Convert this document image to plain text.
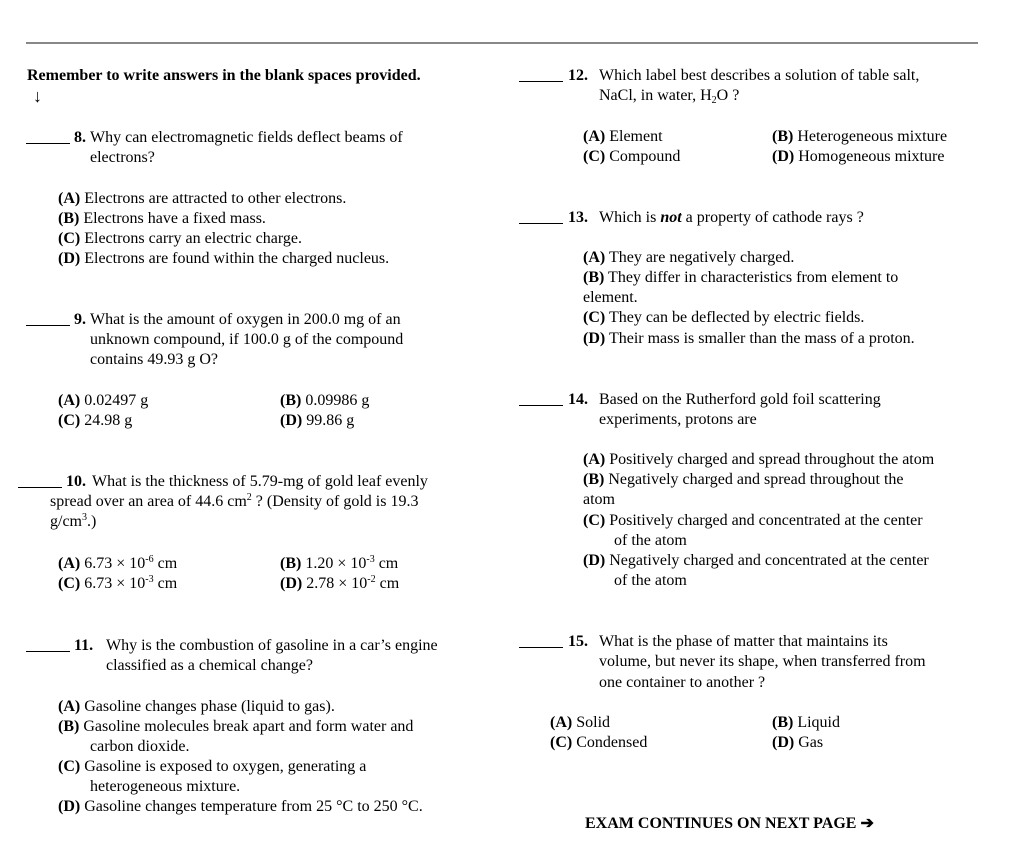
Remember to write answers in the blank spaces provided.
↓
8. Why can electromagnetic fields deflect beams of
electrons?
(A) Electrons are attracted to other electrons.
(B) Electrons have a fixed mass.
(C) Electrons carry an electric charge.
(D) Electrons are found within the charged nucleus.
9. What is the amount of oxygen in 200.0 mg of an
unknown compound, if 100.0 g of the compound
contains 49.93 g O?
(A) 0.02497 g	(B) 0.09986 g
(C) 24.98 g	(D) 99.86 g
10. What is the thickness of 5.79-mg of gold leaf evenly
spread over an area of 44.6 $cm^2$ ? (Density of gold is 19.3
$g/cm^3$.)
(A) $6.73 \times 10^{-6}$ cm	(B) $1.20 \times 10^{-3}$ cm
(C) $6.73 \times 10^{-3}$ cm	(D) $2.78 \times 10^{-2}$ cm
11. Why is the combustion of gasoline in a car’s engine
classified as a chemical change?
(A) Gasoline changes phase (liquid to gas).
(B) Gasoline molecules break apart and form water and
carbon dioxide.
(C) Gasoline is exposed to oxygen, generating a
heterogeneous mixture.
(D) Gasoline changes temperature from 25 °C to 250 °C.
12. Which label best describes a solution of table salt,
NaCl, in water, $H_2O$ ?
(A) Element	(B) Heterogeneous mixture
(C) Compound	(D) Homogeneous mixture
13. Which is not a property of cathode rays ?
(A) They are negatively charged.
(B) They differ in characteristics from element to
element.
(C) They can be deflected by electric fields.
(D) Their mass is smaller than the mass of a proton.
14. Based on the Rutherford gold foil scattering
experiments, protons are
(A) Positively charged and spread throughout the atom
(B) Negatively charged and spread throughout the
atom
(C) Positively charged and concentrated at the center
of the atom
(D) Negatively charged and concentrated at the center
of the atom
15. What is the phase of matter that maintains its
volume, but never its shape, when transferred from
one container to another ?
(A) Solid	(B) Liquid
(C) Condensed	(D) Gas
EXAM CONTINUES ON NEXT PAGE ➔
